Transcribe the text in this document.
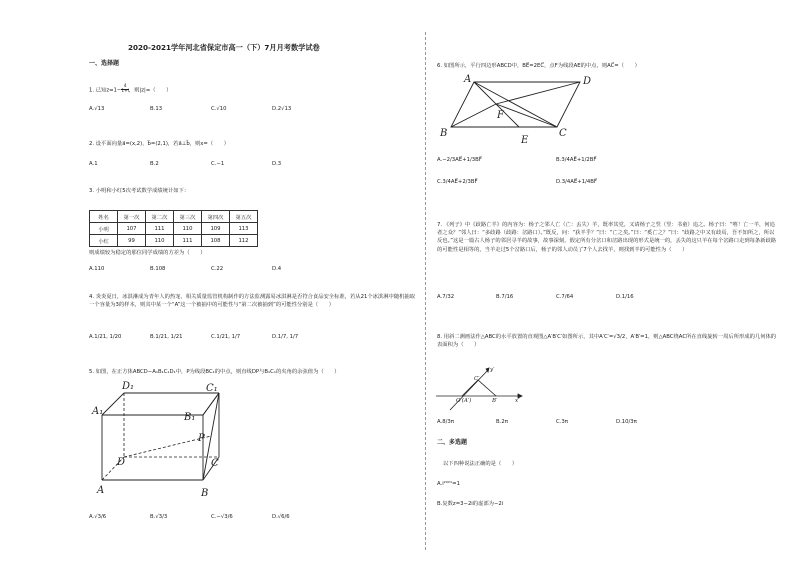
2020-2021学年河北省保定市高一（下）7月月考数学试卷
一、选择题
1. 已知$z=1- \frac{4}{1+i}$ ，则|z|=（　　）
A.√13	B.13	C.√10	D.2√13
2. 设平面向量a⃗=(x,2)，b⃗=(2,1)，若a⃗⊥b⃗，则x=（　　）
A.1	B.2	C.−1	D.3
3. 小明和小红5次考试数学成绩统计如下：
姓名	第一次	第二次	第三次	第四次	第五次
小明	107	111	110	109	113
小红	99	110	111	108	112
则成绩较为稳定的那位同学成绩的方差为（　　）
A.110	B.108	C.22	D.4
4. 炎炎夏日，冰淇淋成为青年人的热宠，相关质量监管机构制作的方法监测露易冰淇淋是否符合食品安全标准，若从21个冰淇淋中随机抽取一个容量为3的样本，则其中某一个“A”这一个被抽中的可能性与“第二次被抽到”的可能性分别是（　　）
A.1/21, 1/20	B.1/21, 1/21	C.1/21, 1/7	D.1/7, 1/7
5. 如图，在正方体ABCD−A₁B₁C₁D₁中，P为线段BC₁的中点，则直线DP与B₁C₁的夹角的余弦值为（　　）
D₁	C₁
A₁
B₁
P
D	C
A	B
A.√3/6	B.√3/3	C.−√3/6	D.√6/6
6. 如图所示，平行四边形ABCD中，BE⃗=2EC⃗，点F为线段AE的中点，则AC⃗=（　　）
A	D
F
B
E
C
A.−2/3AE⃗+1/3BF⃗	B.3/4AE⃗+1/2BF⃗
C.3/4AE⃗+2/3BF⃗	D.3/4AE⃗+1/4BF⃗
7. 《列子》中《歧路亡羊》的内容为：杨子之邻人亡（亡：丢失）羊，既率其党，又请杨子之竖（竖：书童）追之。杨子曰：“嘻！亡一羊，何追者之众？”邻人曰：“多歧路（歧路：岔路口）。”既反，问：“获羊乎？”曰：“亡之矣。”曰：“奚亡之？”曰：“歧路之中又有歧焉，吾不知所之，所以反也。”这是一篇古人杨子的邻居寻羊的故事，故事深刻，假定所有分岔口和岔路出现的形式是统一的，丢失的这只羊在每个岔路口走到每条新歧路的可能性是相等的，当羊走过5个岔路口后，杨子的邻人动员了7个人去找羊，则找到羊的可能性为（　　）
A.7/32	B.7/16	C.7/64	D.1/16
8. 用斜二测画法作△ABC的水平放置的直观图△A′B′C′如图所示，其中A′C′=√3/2，A′B′=1，则△ABC绕AC所在直线旋转一周后所形成的几何体的表面积为（　　）
y′
C′
O′(A′)	B′	x′
A.8/3π	B.2π	C.3π	D.10/3π
二、多选题
以下四种说法正确的是（　　）
A.i²⁰²¹=1
B.复数z=3−2i的虚部为−2i
